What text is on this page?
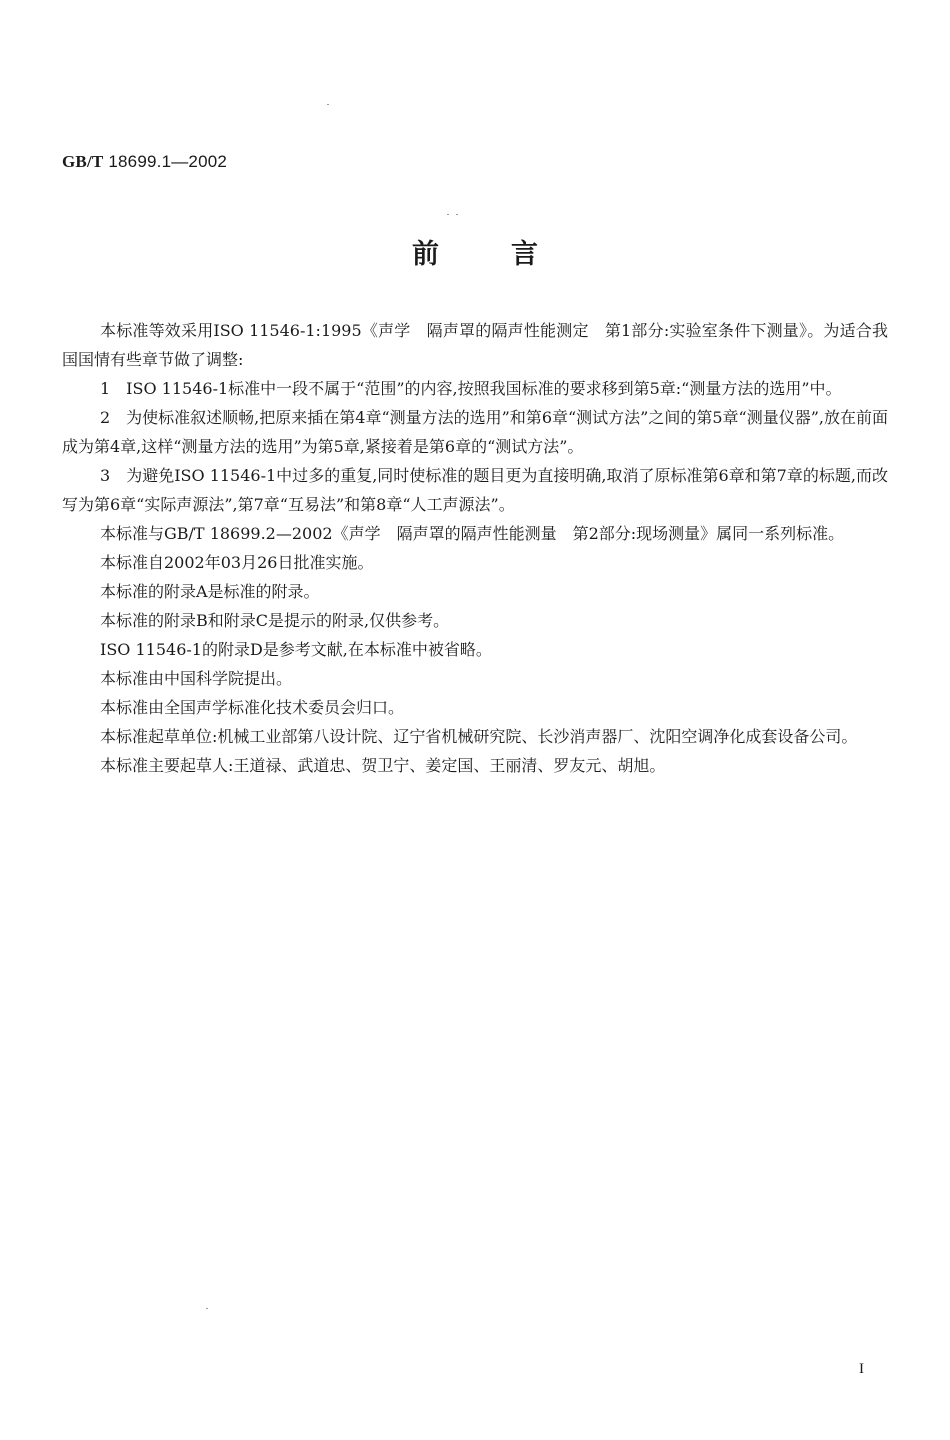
GB/T 18699.1—2002
前	言

本标准等效采用ISO 11546-1:1995《声学　隔声罩的隔声性能测定　第1部分:实验室条件下测量》。为适合我国国情有些章节做了调整:

1　ISO 11546-1标准中一段不属于“范围”的内容,按照我国标准的要求移到第5章:“测量方法的选用”中。

2　为使标准叙述顺畅,把原来插在第4章“测量方法的选用”和第6章“测试方法”之间的第5章“测量仪器”,放在前面成为第4章,这样“测量方法的选用”为第5章,紧接着是第6章的“测试方法”。

3　为避免ISO 11546-1中过多的重复,同时使标准的题目更为直接明确,取消了原标准第6章和第7章的标题,而改写为第6章“实际声源法”,第7章“互易法”和第8章“人工声源法”。

本标准与GB/T 18699.2—2002《声学　隔声罩的隔声性能测量　第2部分:现场测量》属同一系列标准。

本标准自2002年03月26日批准实施。

本标准的附录A是标准的附录。

本标准的附录B和附录C是提示的附录,仅供参考。

ISO 11546-1的附录D是参考文献,在本标准中被省略。

本标准由中国科学院提出。

本标准由全国声学标准化技术委员会归口。

本标准起草单位:机械工业部第八设计院、辽宁省机械研究院、长沙消声器厂、沈阳空调净化成套设备公司。

本标准主要起草人:王道禄、武道忠、贺卫宁、姜定国、王丽清、罗友元、胡旭。

I
